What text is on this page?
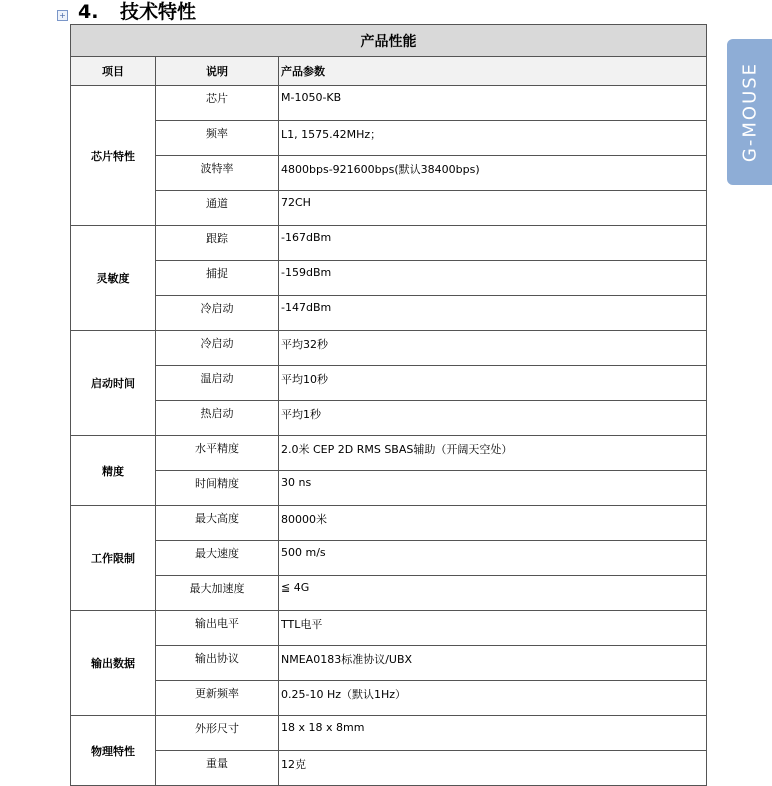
+ 4. 技术特性
产品性能		
项目	说明	产品参数
芯片特性	芯片	M-1050-KB
	频率	L1, 1575.42MHz；
	波特率	4800bps-921600bps(默认38400bps)
	通道	72CH
灵敏度	跟踪	-167dBm
	捕捉	-159dBm
	冷启动	-147dBm
启动时间	冷启动	平均32秒
	温启动	平均10秒
	热启动	平均1秒
精度	水平精度	2.0米 CEP 2D RMS SBAS辅助（开阔天空处）
	时间精度	30 ns
工作限制	最大高度	80000米
	最大速度	500 m/s
	最大加速度	≦ 4G
输出数据	输出电平	TTL电平
	输出协议	NMEA0183标准协议/UBX
	更新频率	0.25-10 Hz（默认1Hz）
物理特性	外形尺寸	18 x 18 x 8mm
	重量	12克
G-MOUSE
